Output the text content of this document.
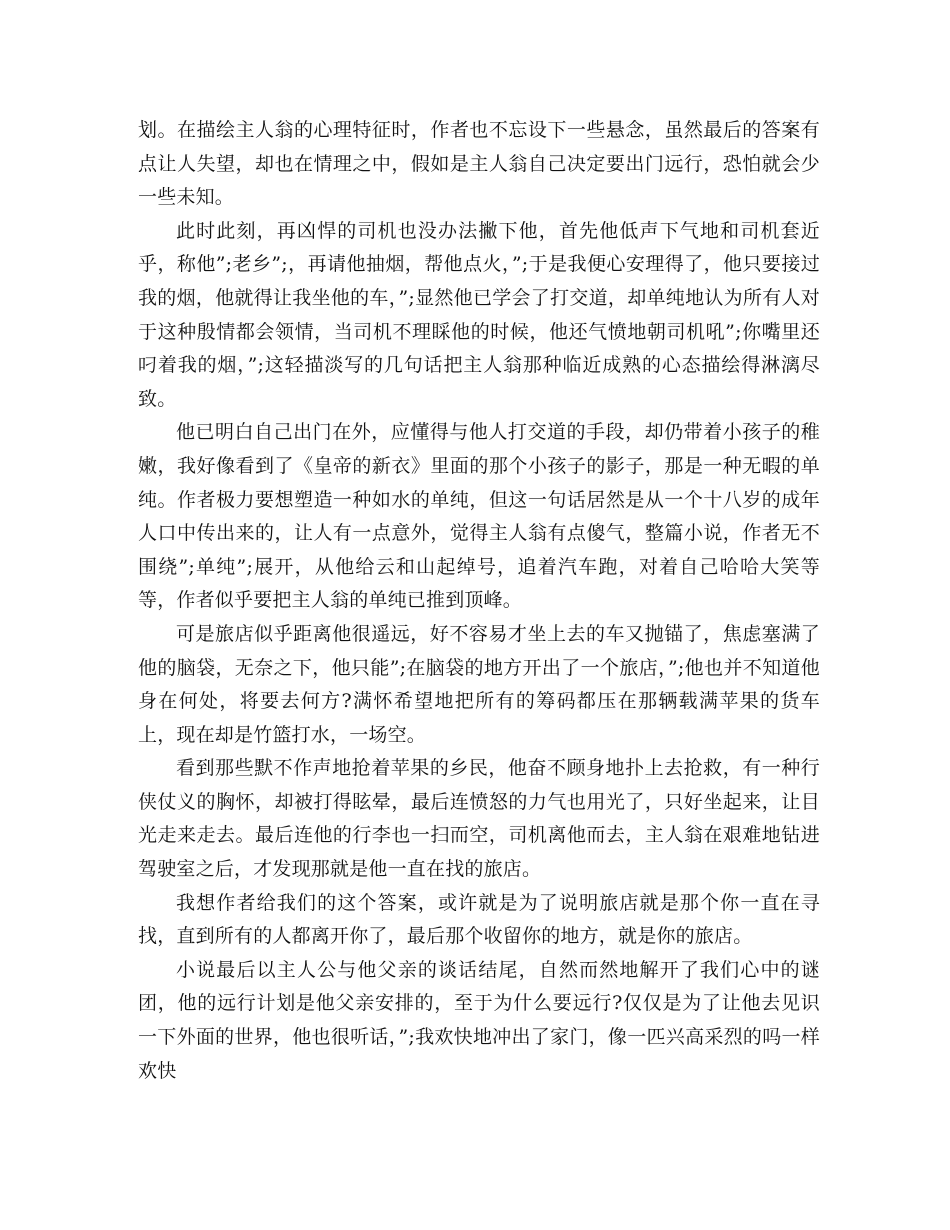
划。在描绘主人翁的心理特征时，作者也不忘设下一些悬念，虽然最后的答案有点让人失望，却也在情理之中，假如是主人翁自己决定要出门远行，恐怕就会少一些未知。

此时此刻，再凶悍的司机也没办法撇下他，首先他低声下气地和司机套近乎，称他”;老乡”;，再请他抽烟，帮他点火，”;于是我便心安理得了，他只要接过我的烟，他就得让我坐他的车，”;显然他已学会了打交道，却单纯地认为所有人对于这种殷情都会领情，当司机不理睬他的时候，他还气愤地朝司机吼”;你嘴里还叼着我的烟，”;这轻描淡写的几句话把主人翁那种临近成熟的心态描绘得淋漓尽致。

他已明白自己出门在外，应懂得与他人打交道的手段，却仍带着小孩子的稚嫩，我好像看到了《皇帝的新衣》里面的那个小孩子的影子，那是一种无暇的单纯。作者极力要想塑造一种如水的单纯，但这一句话居然是从一个十八岁的成年人口中传出来的，让人有一点意外，觉得主人翁有点傻气，整篇小说，作者无不围绕”;单纯”;展开，从他给云和山起绰号，追着汽车跑，对着自己哈哈大笑等等，作者似乎要把主人翁的单纯已推到顶峰。

可是旅店似乎距离他很遥远，好不容易才坐上去的车又抛锚了，焦虑塞满了他的脑袋，无奈之下，他只能”;在脑袋的地方开出了一个旅店，”;他也并不知道他身在何处，将要去何方?满怀希望地把所有的筹码都压在那辆载满苹果的货车上，现在却是竹篮打水，一场空。

看到那些默不作声地抢着苹果的乡民，他奋不顾身地扑上去抢救，有一种行侠仗义的胸怀，却被打得眩晕，最后连愤怒的力气也用光了，只好坐起来，让目光走来走去。最后连他的行李也一扫而空，司机离他而去，主人翁在艰难地钻进驾驶室之后，才发现那就是他一直在找的旅店。

我想作者给我们的这个答案，或许就是为了说明旅店就是那个你一直在寻找，直到所有的人都离开你了，最后那个收留你的地方，就是你的旅店。

小说最后以主人公与他父亲的谈话结尾，自然而然地解开了我们心中的谜团，他的远行计划是他父亲安排的，至于为什么要远行?仅仅是为了让他去见识一下外面的世界，他也很听话，”;我欢快地冲出了家门，像一匹兴高采烈的吗一样欢快
